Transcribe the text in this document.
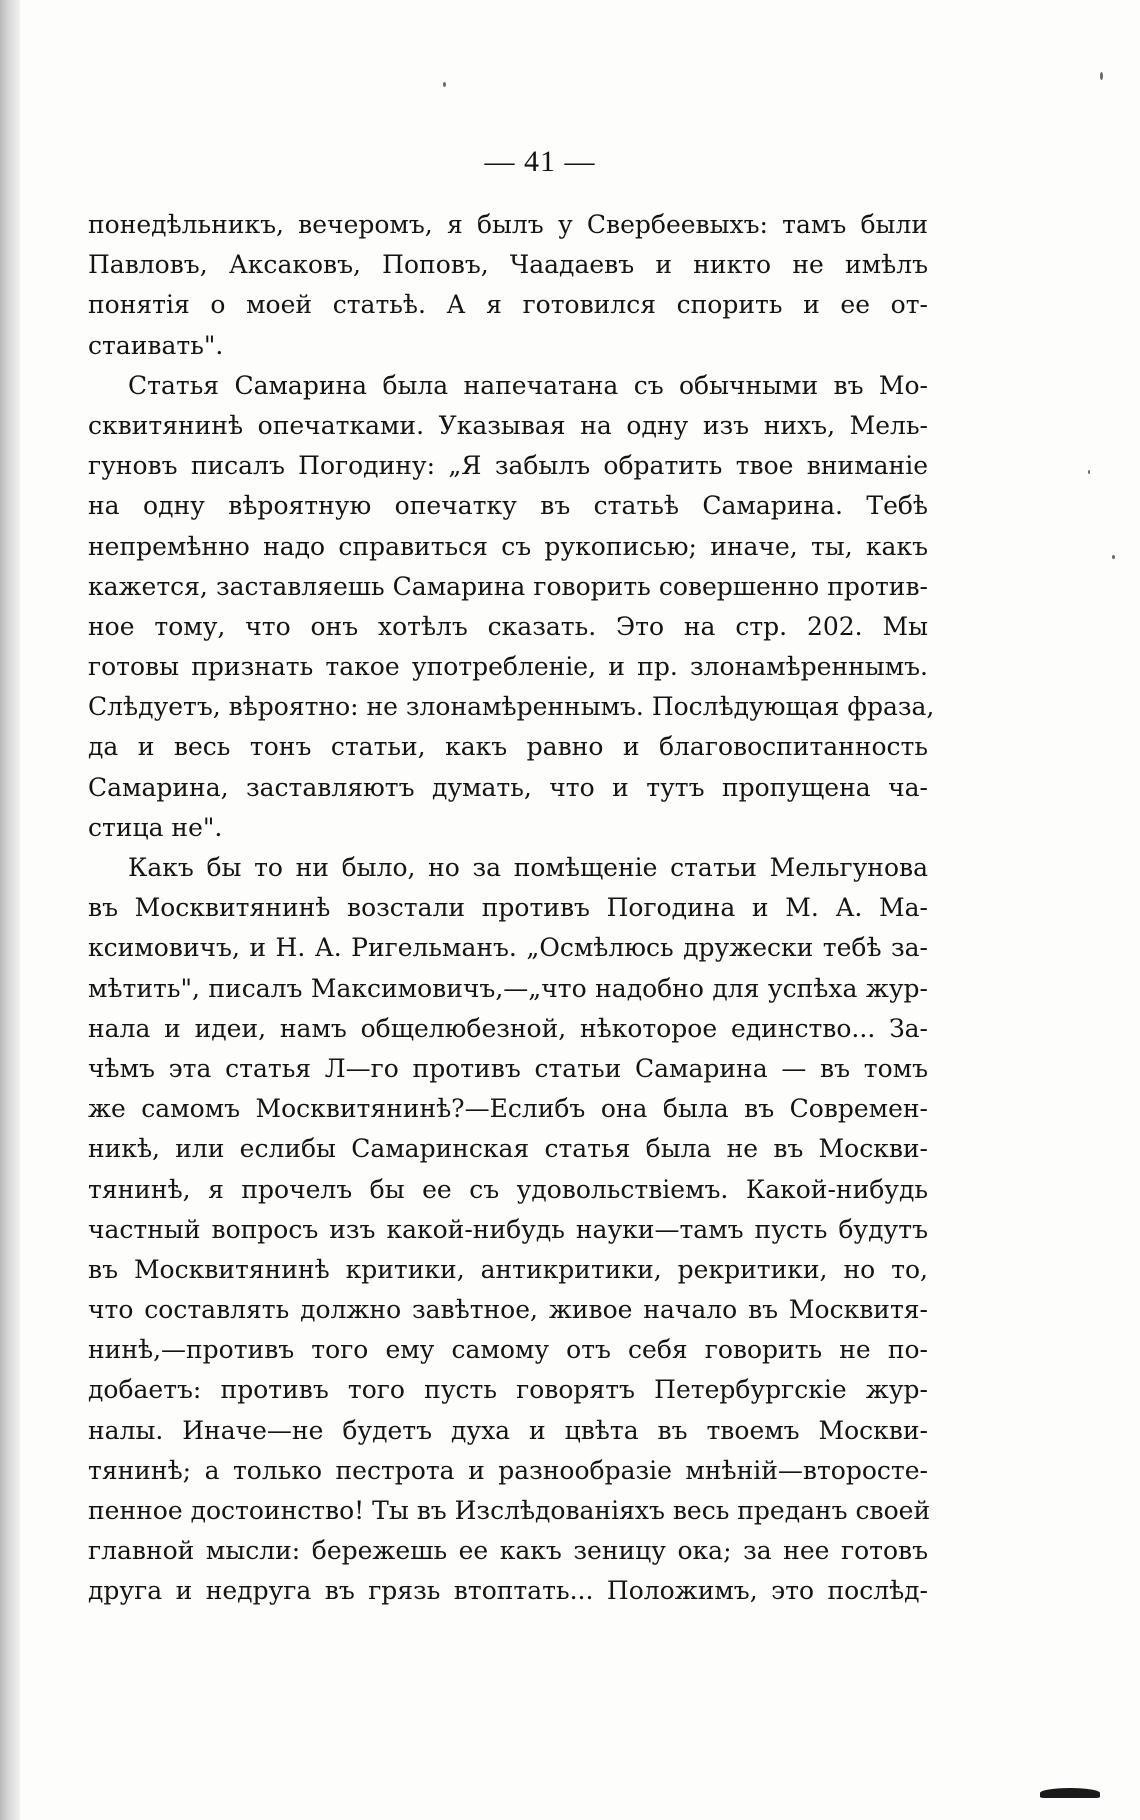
— 41 —
понедѣльникъ, вечеромъ, я былъ у Свербеевыхъ: тамъ были
Павловъ, Аксаковъ, Поповъ, Чаадаевъ и никто не имѣлъ
понятія о моей статьѣ. А я готовился спорить и ее от-
стаивать".
Статья Самарина была напечатана съ обычными въ Мо-
сквитянинѣ опечатками. Указывая на одну изъ нихъ, Мель-
гуновъ писалъ Погодину: „Я забылъ обратить твое вниманіе
на одну вѣроятную опечатку въ статьѣ Самарина. Тебѣ
непремѣнно надо справиться съ рукописью; иначе, ты, какъ
кажется, заставляешь Самарина говорить совершенно против-
ное тому, что онъ хотѣлъ сказать. Это на стр. 202. Мы
готовы признать такое употребленіе, и пр. злонамѣреннымъ.
Слѣдуетъ, вѣроятно: не злонамѣреннымъ. Послѣдующая фраза,
да и весь тонъ статьи, какъ равно и благовоспитанность
Самарина, заставляютъ думать, что и тутъ пропущена ча-
стица не".
Какъ бы то ни было, но за помѣщеніе статьи Мельгунова
въ Москвитянинѣ возстали противъ Погодина и М. А. Ма-
ксимовичъ, и Н. А. Ригельманъ. „Осмѣлюсь дружески тебѣ за-
мѣтить", писалъ Максимовичъ,—„что надобно для успѣха жур-
нала и идеи, намъ общелюбезной, нѣкоторое единство... За-
чѣмъ эта статья Л—го противъ статьи Самарина — въ томъ
же самомъ Москвитянинѣ?—Еслибъ она была въ Современ-
никѣ, или еслибы Самаринская статья была не въ Москви-
тянинѣ, я прочелъ бы ее съ удовольствіемъ. Какой-нибудь
частный вопросъ изъ какой-нибудь науки—тамъ пусть будутъ
въ Москвитянинѣ критики, антикритики, рекритики, но то,
что составлять должно завѣтное, живое начало въ Москвитя-
нинѣ,—противъ того ему самому отъ себя говорить не по-
добаетъ: противъ того пусть говорятъ Петербургскіе жур-
налы. Иначе—не будетъ духа и цвѣта въ твоемъ Москви-
тянинѣ; а только пестрота и разнообразіе мнѣній—второсте-
пенное достоинство! Ты въ Изслѣдованіяхъ весь преданъ своей
главной мысли: бережешь ее какъ зеницу ока; за нее готовъ
друга и недруга въ грязь втоптать... Положимъ, это послѣд-
